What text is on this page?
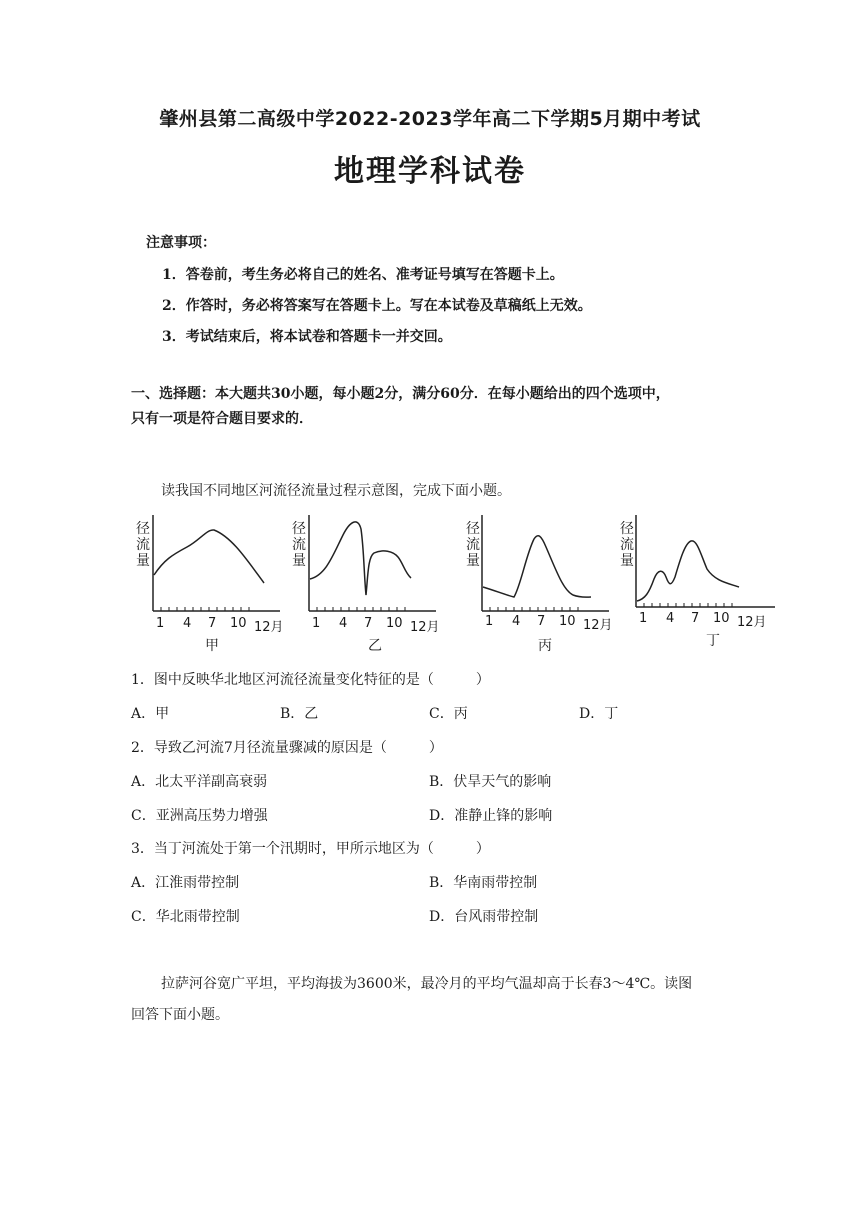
肇州县第二高级中学2022-2023学年高二下学期5月期中考试
地理学科试卷
注意事项：
1．答卷前，考生务必将自己的姓名、准考证号填写在答题卡上。
2．作答时，务必将答案写在答题卡上。写在本试卷及草稿纸上无效。
3．考试结束后，将本试卷和答题卡一并交回。
一、选择题：本大题共30小题，每小题2分，满分60分．在每小题给出的四个选项中，
只有一项是符合题目要求的．
读我国不同地区河流径流量过程示意图，完成下面小题。
径
流
量
1 4 7 10 12月
甲
径
流
量
1 4 7 10 12月
乙
径
流
量
1 4 7 10 12月
丙
径
流
量
1 4 7 10 12月
丁
1．图中反映华北地区河流径流量变化特征的是（　　　）
A．甲	B．乙	C．丙	D．丁
2．导致乙河流7月径流量骤减的原因是（　　　）
A．北太平洋副高衰弱	B．伏旱天气的影响
C．亚洲高压势力增强	D．准静止锋的影响
3．当丁河流处于第一个汛期时，甲所示地区为（　　　）
A．江淮雨带控制	B．华南雨带控制
C．华北雨带控制	D．台风雨带控制
拉萨河谷宽广平坦，平均海拔为3600米，最冷月的平均气温却高于长春3～4℃。读图
回答下面小题。
